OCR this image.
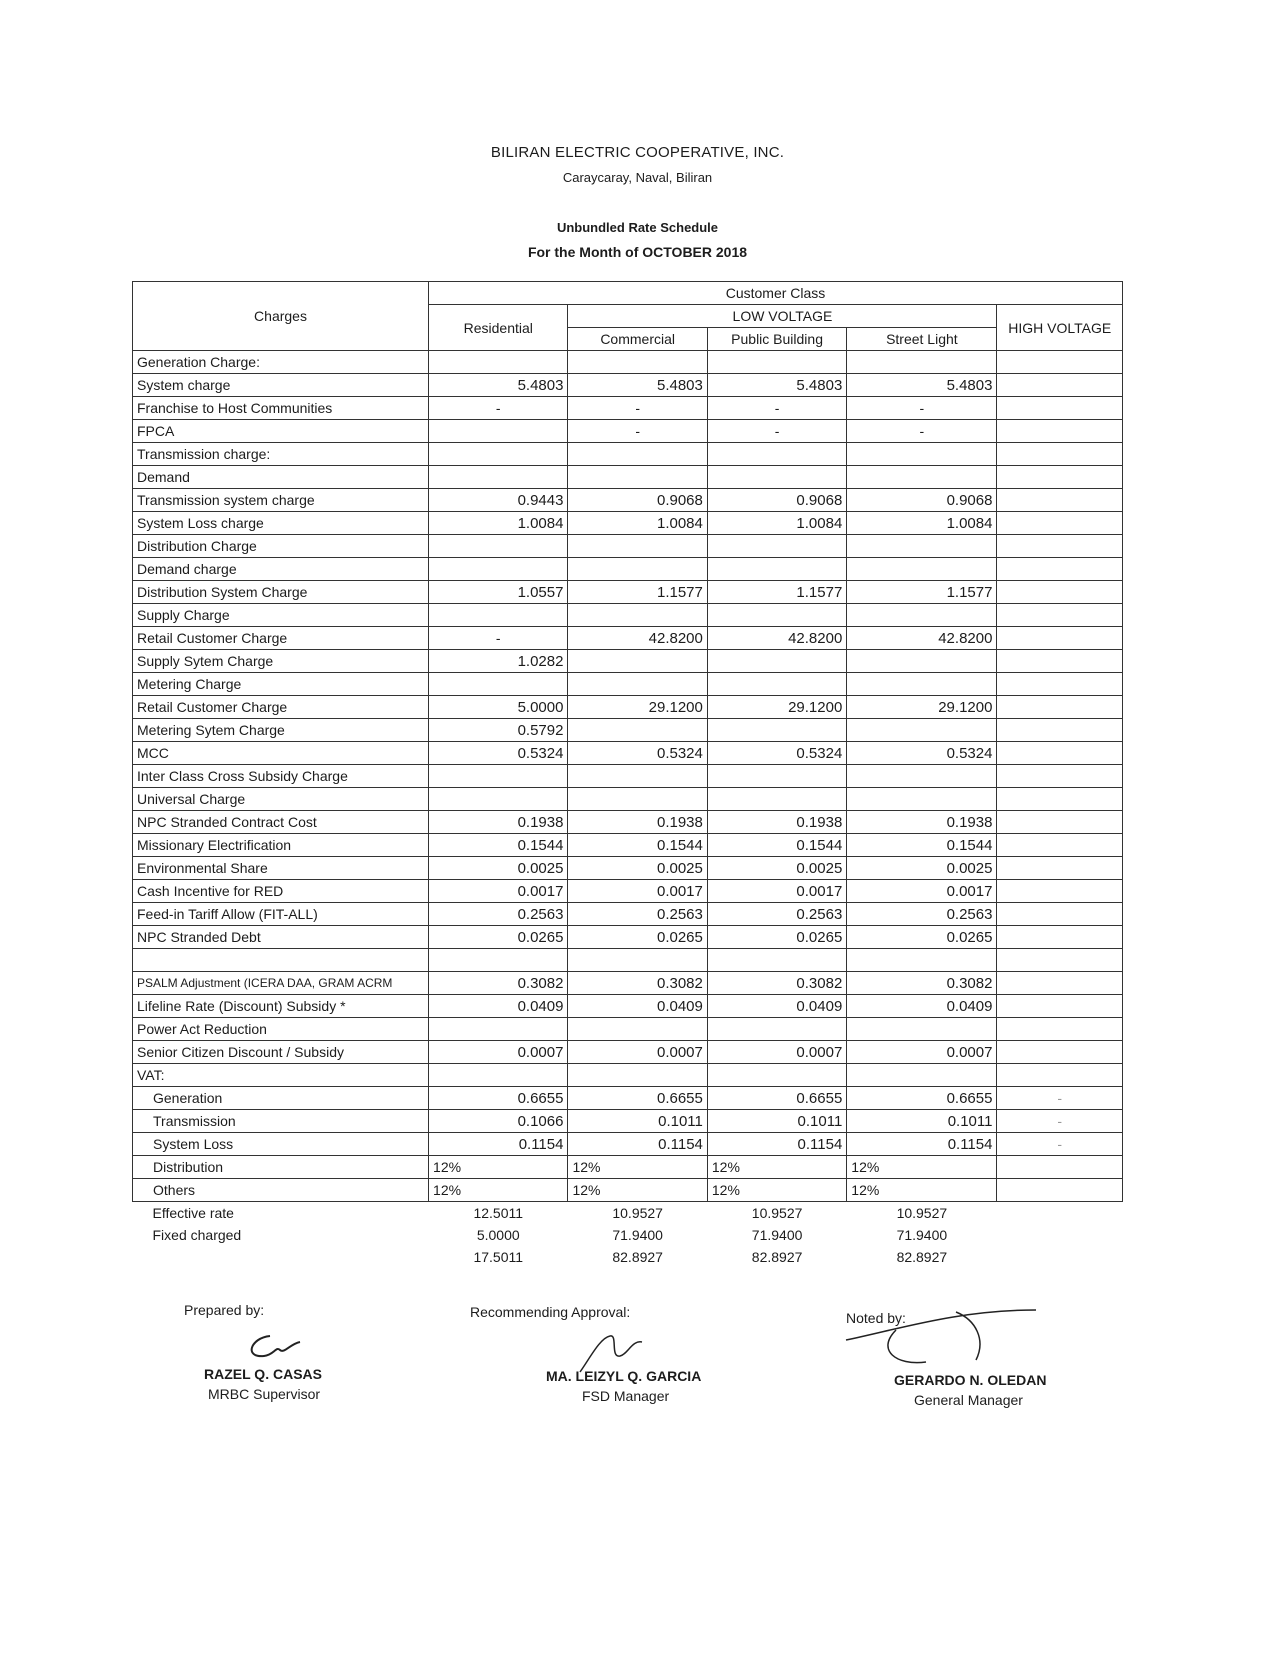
BILIRAN ELECTRIC COOPERATIVE, INC.
Caraycaray, Naval, Biliran
Unbundled Rate Schedule
For the Month of OCTOBER 2018
Charges	Customer Class				
	Residential	LOW VOLTAGE			HIGH VOLTAGE
		Commercial	Public Building	Street Light	
Generation Charge:					
System charge	5.4803	5.4803	5.4803	5.4803	
Franchise to Host Communities	-	-	-	-	
FPCA		-	-	-	
Transmission charge:					
Demand					
Transmission system charge	0.9443	0.9068	0.9068	0.9068	
System Loss charge	1.0084	1.0084	1.0084	1.0084	
Distribution Charge					
Demand charge					
Distribution System Charge	1.0557	1.1577	1.1577	1.1577	
Supply Charge					
Retail Customer Charge	-	42.8200	42.8200	42.8200	
Supply Sytem Charge	1.0282				
Metering Charge					
Retail Customer Charge	5.0000	29.1200	29.1200	29.1200	
Metering Sytem Charge	0.5792				
MCC	0.5324	0.5324	0.5324	0.5324	
Inter Class Cross Subsidy Charge					
Universal Charge					
NPC Stranded Contract Cost	0.1938	0.1938	0.1938	0.1938	
Missionary Electrification	0.1544	0.1544	0.1544	0.1544	
Environmental Share	0.0025	0.0025	0.0025	0.0025	
Cash Incentive for RED	0.0017	0.0017	0.0017	0.0017	
Feed-in Tariff Allow (FIT-ALL)	0.2563	0.2563	0.2563	0.2563	
NPC Stranded Debt	0.0265	0.0265	0.0265	0.0265	

PSALM Adjustment (ICERA DAA, GRAM ACRM	0.3082	0.3082	0.3082	0.3082	
Lifeline Rate (Discount) Subsidy *	0.0409	0.0409	0.0409	0.0409	
Power Act Reduction					
Senior Citizen Discount / Subsidy	0.0007	0.0007	0.0007	0.0007	
VAT:					
Generation	0.6655	0.6655	0.6655	0.6655	-
Transmission	0.1066	0.1011	0.1011	0.1011	-
System Loss	0.1154	0.1154	0.1154	0.1154	-
Distribution	12%	12%	12%	12%	
Others	12%	12%	12%	12%	
Effective rate	12.5011	10.9527	10.9527	10.9527	
Fixed charged	5.0000	71.9400	71.9400	71.9400	
	17.5011	82.8927	82.8927	82.8927	
Prepared by:
RAZEL Q. CASAS
MRBC Supervisor
Recommending Approval:
MA. LEIZYL Q. GARCIA
FSD Manager
Noted by:
GERARDO N. OLEDAN
General Manager
